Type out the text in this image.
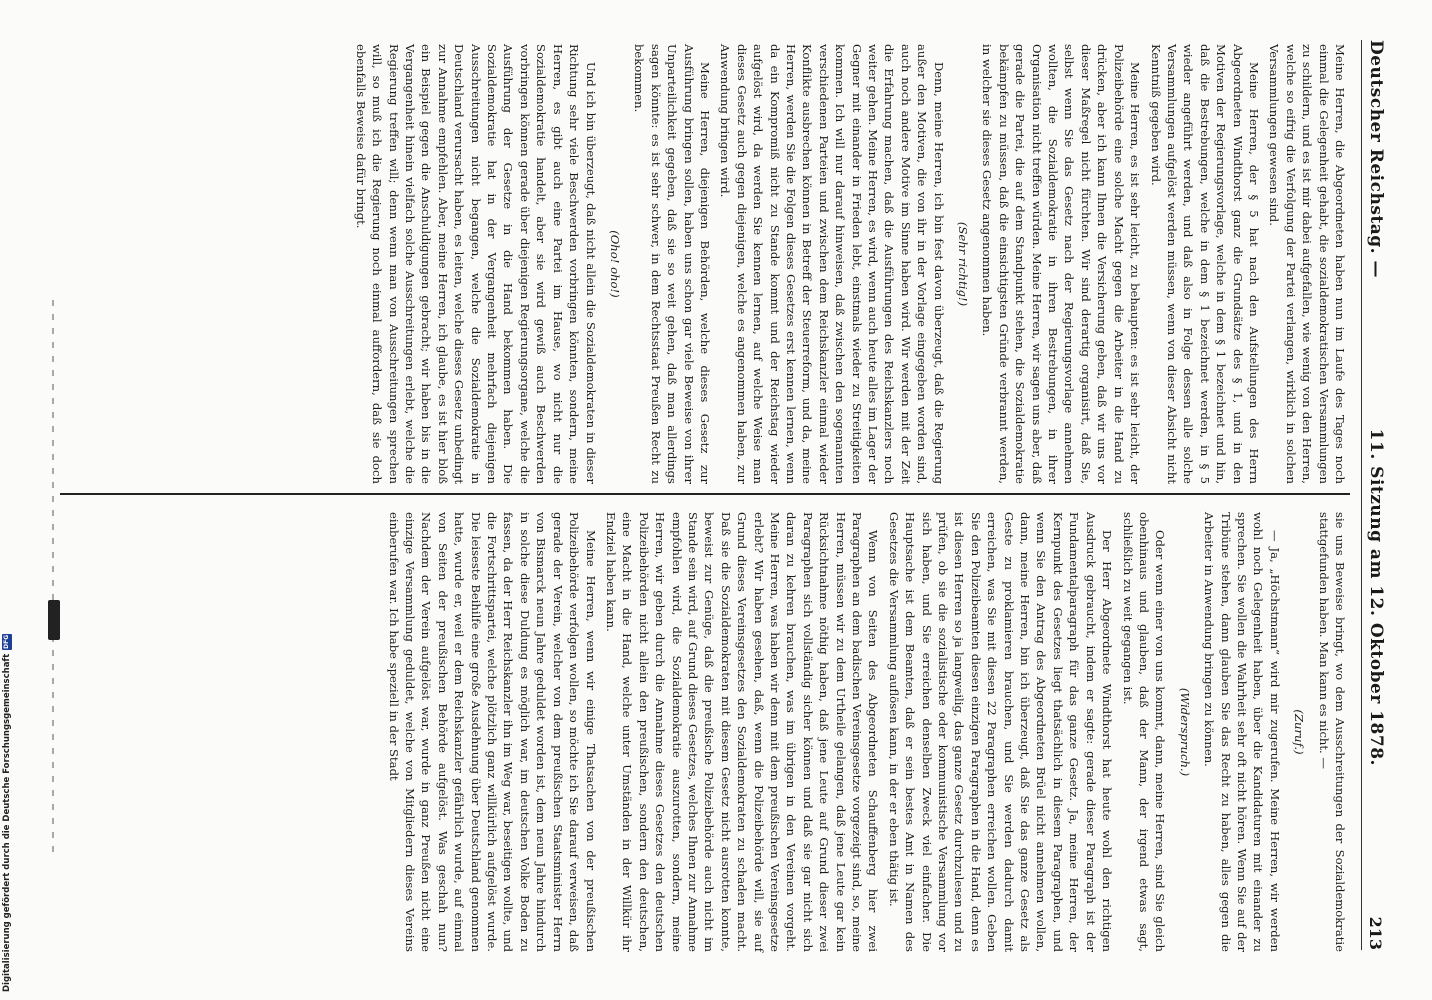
Deutscher Reichstag. —
11. Sitzung am 12. Oktober 1878.
213

Meine Herren, die Abgeordneten haben nun im Laufe des Tages noch einmal die Gelegenheit gehabt, die sozialdemokratischen Versammlungen zu schildern, und es ist mir dabei aufgefallen, wie wenig von den Herren, welche so eifrig die Verfolgung der Partei verlangen, wirklich in solchen Versammlungen gewesen sind.

Meine Herren, der § 5 hat nach den Aufstellungen des Herrn Abgeordneten Windthorst ganz die Grundsätze des § 1, und in den Motiven der Regierungsvorlage, welche in dem § 1 bezeichnet und hin, daß die Bestrebungen, welche in dem § 1 bezeichnet werden, in § 5 wieder angeführt werden, und daß also in Folge dessen alle solche Versammlungen aufgelöst werden müssen, wenn von dieser Absicht nicht Kenntniß gegeben wird.

Meine Herren, es ist sehr leicht, zu behaupten: es ist sehr leicht, der Polizeibehörde eine solche Macht gegen die Arbeiter in die Hand zu drücken, aber ich kann Ihnen die Versicherung geben, daß wir uns vor dieser Maßregel nicht fürchten. Wir sind derartig organisirt, daß Sie, selbst wenn Sie das Gesetz nach der Regierungsvorlage annehmen wollten, die Sozialdemokratie in ihren Bestrebungen, in ihrer Organisation nicht treffen würden. Meine Herren, wir sagen uns aber, daß gerade die Partei, die auf dem Standpunkt stehen, die Sozialdemokratie bekämpfen zu müssen, daß die einsichtigsten Gründe verbrannt werden, in welcher sie dieses Gesetz angenommen haben.

(Sehr richtig!)

Denn, meine Herren, ich bin fest davon überzeugt, daß die Regierung außer den Motiven, die von ihr in der Vorlage eingegeben worden sind, auch noch andere Motive im Sinne haben wird. Wir werden mit der Zeit die Erfahrung machen, daß die Ausführungen des Reichskanzlers noch weiter gehen. Meine Herren, es wird, wenn auch heute alles im Lager der Gegner mit einander in Frieden lebt, einstmals wieder zu Streitigkeiten kommen. Ich will nur darauf hinweisen, daß zwischen den sogenannten verschiedenen Parteien und zwischen dem Reichskanzler einmal wieder Konflikte ausbrechen können in Betreff der Steuerreform, und da, meine Herren, werden Sie die Folgen dieses Gesetzes erst kennen lernen, wenn da ein Kompromiß nicht zu Stande kommt und der Reichstag wieder aufgelöst wird, da werden Sie kennen lernen, auf welche Weise man dieses Gesetz auch gegen diejenigen, welche es angenommen haben, zur Anwendung bringen wird.

Meine Herren, diejenigen Behörden, welche dieses Gesetz zur Ausführung bringen sollen, haben uns schon gar viele Beweise von ihrer Unparteilichkeit gegeben, daß sie so weit gehen, daß man allerdings sagen könnte: es ist sehr schwer, in dem Rechtsstaat Preußen Recht zu bekommen.

(Oho! oho!)

Und ich bin überzeugt, daß nicht allein die Sozialdemokraten in dieser Richtung sehr viele Beschwerden vorbringen könnten, sondern, meine Herren, es gibt auch eine Partei im Hause, wo nicht nur die Sozialdemokratie handelt, aber sie wird gewiß auch Beschwerden vorbringen können gerade über diejenigen Regierungsorgane, welche die Ausführung der Gesetze in die Hand bekommen haben. Die Sozialdemokratie hat in der Vergangenheit mehrfach diejenigen Ausschreitungen nicht begangen, welche die Sozialdemokratie in Deutschland verursacht haben, es leiten, welche dieses Gesetz unbedingt zur Annahme empfehlen. Aber, meine Herren, ich glaube, es ist hier bloß ein Beispiel gegen die Anschuldigungen gebracht; wir haben bis in die Vergangenheit hinein vielfach solche Ausschreitungen erlebt, welche die Regierung treffen will; denn wenn man von Ausschreitungen sprechen will, so muß ich die Regierung noch einmal auffordern, daß sie doch ebenfalls Beweise dafür bringt.

sie uns Beweise bringt, wo dem Ausschreitungen der Sozialdemokratie stattgefunden haben. Man kann es nicht. —

(Zuruf.)

— Ja, „Höchstmann“ wird mir zugerufen. Meine Herren, wir werden wohl noch Gelegenheit haben, über die Kandidaturen mit einander zu sprechen. Sie wollen die Wahrheit sehr oft nicht hören. Wenn Sie auf der Tribüne stehen, dann glauben Sie das Recht zu haben, alles gegen die Arbeiter in Anwendung bringen zu können.

(Widerspruch.)

Oder wenn einer von uns kommt, dann, meine Herren, sind Sie gleich obenhinaus und glauben, daß der Mann, der irgend etwas sagt, schließlich zu weit gegangen ist.

Der Herr Abgeordnete Windthorst hat heute wohl den richtigen Ausdruck gebraucht, indem er sagte: gerade dieser Paragraph ist der Fundamentalparagraph für das ganze Gesetz. Ja, meine Herren, der Kernpunkt des Gesetzes liegt thatsächlich in diesem Paragraphen, und wenn Sie den Antrag des Abgeordneten Brüel nicht annehmen wollen, dann, meine Herren, bin ich überzeugt, daß Sie das ganze Gesetz als Geste zu proklamieren brauchen, und Sie werden dadurch damit erreichen, was Sie mit diesen 22 Paragraphen erreichen wollen. Geben Sie den Polizeibeamten diesen einzigen Paragraphen in die Hand, denn es ist diesen Herren so ja langweilig, das ganze Gesetz durchzulesen und zu prüfen, ob sie die sozialistische oder kommunistische Versammlung vor sich haben, und Sie erreichen denselben Zweck viel einfacher. Die Hauptsache ist dem Beamten, daß er sein bestes Amt in Namen des Gesetzes die Versammlung auflösen kann, in der er eben thätig ist.

Wenn von Seiten des Abgeordneten Schauffenberg hier zwei Paragraphen an dem badischen Vereinsgesetze vorgezeigt sind, so, meine Herren, müssen wir zu dem Urtheile gelangen, daß jene Leute gar kein Rücksichtnahme nöthig haben, daß jene Leute auf Grund dieser zwei Paragraphen sich vollständig sicher können und daß sie gar nicht sich daran zu kehren brauchen, was im übrigen in den Vereinen vorgeht. Meine Herren, was haben wir denn mit dem preußischen Vereinsgesetze erlebt? Wir haben gesehen, daß, wenn die Polizeibehörde will, sie auf Grund dieses Vereinsgesetzes den Sozialdemokraten zu schaden macht. Daß sie die Sozialdemokraten mit diesem Gesetz nicht ausrotten konnte, beweist zur Genüge, daß die preußische Polizeibehörde auch nicht im Stande sein wird, auf Grund dieses Gesetzes, welches Ihnen zur Annahme empfohlen wird, die Sozialdemokratie auszurotten, sondern, meine Herren, wir geben durch die Annahme dieses Gesetzes den deutschen Polizeibehörden nicht allein den preußischen, sondern den deutschen, eine Macht in die Hand, welche unter Umständen in der Willkür ihr Endziel haben kann.

Meine Herren, wenn wir einige Thatsachen von der preußischen Polizeibehörde verfolgen wollen, so möchte ich Sie darauf verweisen, daß gerade der Verein, welcher von dem preußischen Staatsminister Herrn von Bismarck neun Jahre geduldet worden ist, dem neun Jahre hindurch in solche diese Duldung es möglich war, im deutschen Volke Boden zu fassen, da der Herr Reichskanzler ihn im Weg war, beseitigen wollte, und die Fortschrittspartei, welche plötzlich ganz willkürlich aufgelöst wurde. Die leiseste Beihilfe eine große Ausdehnung über Deutschland genommen hatte, wurde er, weil er dem Reichskanzler gefährlich wurde, auf einmal von Seiten der preußischen Behörde aufgelöst. Was geschah nun? Nachdem der Verein aufgelöst war, wurde in ganz Preußen nicht eine einzige Versammlung geduldet, welche von Mitgliedern dieses Vereins einberufen war. Ich habe speziell in der Stadt

Digitalisierung gefördert durch die Deutsche Forschungsgemeinschaft
DFG
